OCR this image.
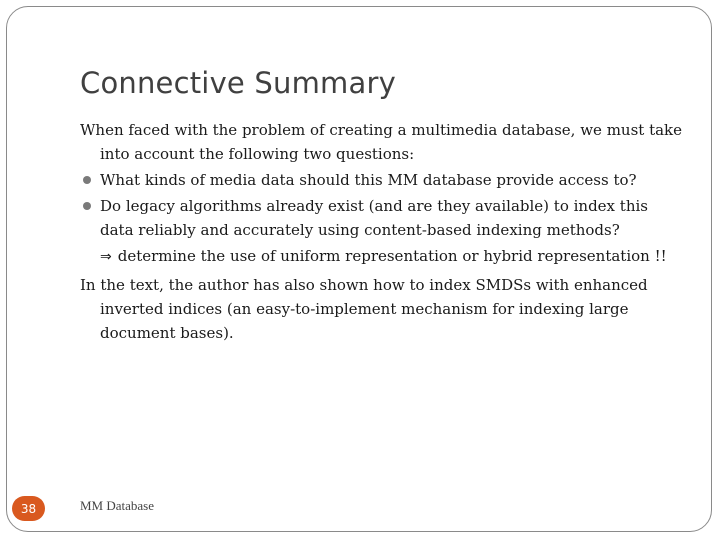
Connective Summary

When faced with the problem of creating a multimedia database, we must take into account the following two questions:

What kinds of media data should this MM database provide access to?
Do legacy algorithms already exist (and are they available) to index this data reliably and accurately using content-based indexing methods?
⇒ determine the use of uniform representation or hybrid representation !!

In the text, the author has also shown how to index SMDSs with enhanced inverted indices (an easy-to-implement mechanism for indexing large document bases).

38	MM Database
